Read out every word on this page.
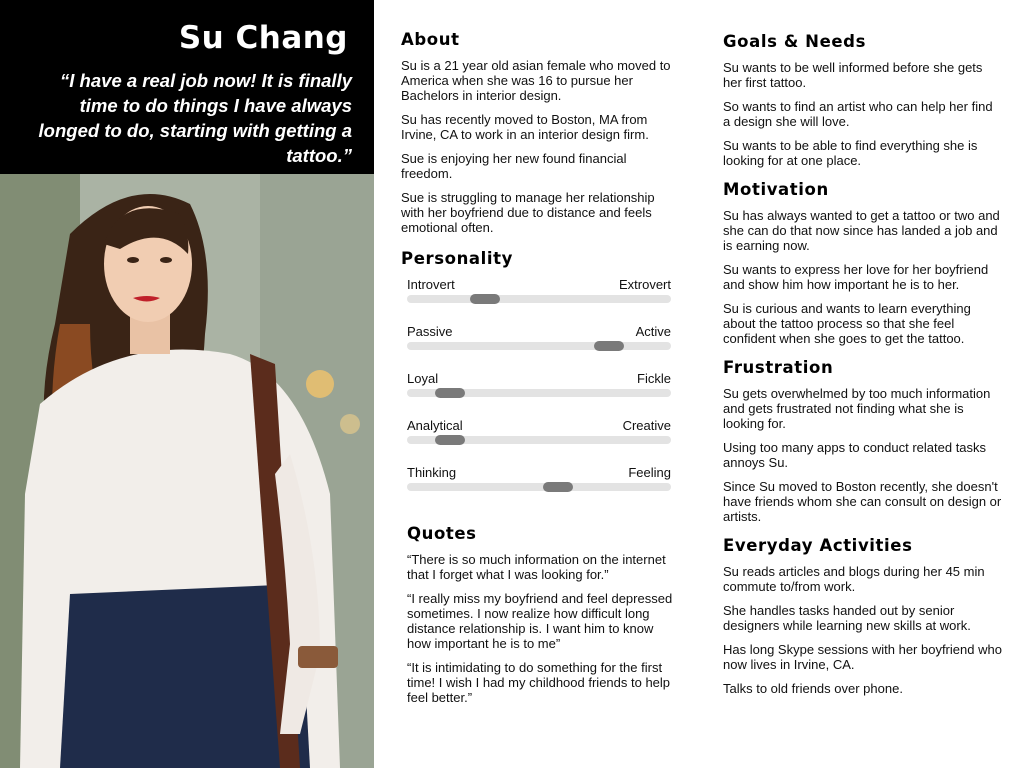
Su Chang

“I have a real job now! It is finally time to do things I have always longed to do, starting with getting a tattoo.”

About

Su is a 21 year old asian female who moved to America when she was 16 to pursue her Bachelors in interior design.

Su has recently moved to Boston, MA from Irvine, CA to work in an interior design firm.

Sue is enjoying her new found financial freedom.

Sue is struggling to manage her relationship with her boyfriend due to distance and feels emotional often.

Personality
Introvert	Extrovert
Passive	Active
Loyal	Fickle
Analytical	Creative
Thinking	Feeling
Quotes

“There is so much information on the internet that I forget what I was looking for.”

“I really miss my boyfriend and feel depressed sometimes. I now realize how difficult long distance relationship is. I want him to know how important he is to me”

“It is intimidating to do something for the first time! I wish I had my childhood friends to help feel better.”

Goals & Needs

Su wants to be well informed before she gets her first tattoo.

So wants to find an artist who can help her find a design she will love.

Su wants to be able to find everything she is looking for at one place.

Motivation

Su has always wanted to get a tattoo or two and she can do that now since has landed a job and is earning now.

Su wants to express her love for her boyfriend and show him how important he is to her.

Su is curious and wants to learn everything about the tattoo process so that she feel confident when she goes to get the tattoo.

Frustration

Su gets overwhelmed by too much information and gets frustrated not finding what she is looking for.

Using too many apps to conduct related tasks annoys Su.

Since Su moved to Boston recently, she doesn't have friends whom she can consult on design or artists.

Everyday Activities

Su reads articles and blogs during her 45 min commute to/from work.

She handles tasks handed out by senior designers while learning new skills at work.

Has long Skype sessions with her boyfriend who now lives in Irvine, CA.

Talks to old friends over phone.
